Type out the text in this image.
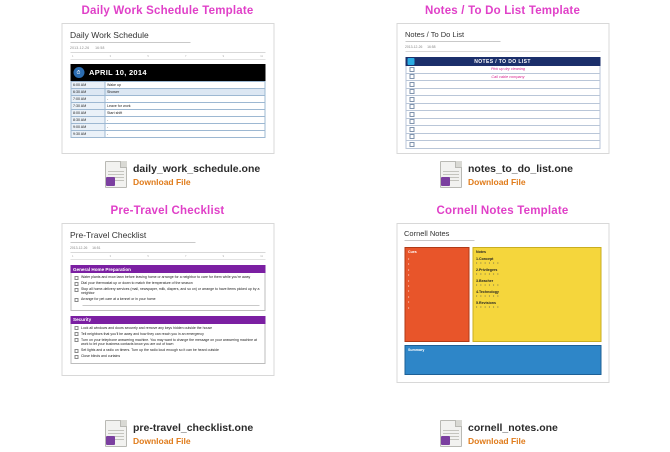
Daily Work Schedule Template
Daily Work Schedule
2013-12-26 16:58
1	3	5	7	9	11
⏱	APRIL 10, 2014
6:00 AM	Wake up
6:30 AM	Shower
7:00 AM	-
7:30 AM	Leave for work
8:00 AM	Start shift
8:30 AM	-
9:00 AM	-
9:30 AM	-
daily_work_schedule.one
Download File
Notes / To Do List Template
Notes / To Do List
2013-12-26 16:58
NOTES / TO DO LIST
Pick up dry cleaning
Call cable company
notes_to_do_list.one
Download File
Pre-Travel Checklist
Pre-Travel Checklist
2013-12-26 16:51
1	3	5	7	9	11
General Home Preparation
Water plants and mow lawn before leaving home or arrange for a neighbor to care for them while you're away
Dial your thermostat up or down to match the temperature of the season
Stop all home-delivery services (mail, newspaper, milk, diapers, and so on) or arrange to have items picked up by a neighbor
Arrange for pet care at a kennel or in your home
Security
Lock all windows and doors securely and remove any keys hidden outside the house
Tell neighbors that you'll be away and how they can reach you in an emergency
Turn on your telephone answering machine. You may want to change the message on your answering machine at work to let your business contacts know you are out of town
Set lights and a radio on timers. Turn up the radio loud enough so it can be heard outside
Close blinds and curtains
pre-travel_checklist.one
Download File
Cornell Notes Template
Cornell Notes
Cues
•
•
•
•
•
•
•
•
•
•
Notes
1.Concept
• • • • • •
2.Privilegers
• • • • • •
3.Beacher
• • • • • •
4.Technology
• • • • • •
5.Revisions
• • • • • •
Summary
cornell_notes.one
Download File
